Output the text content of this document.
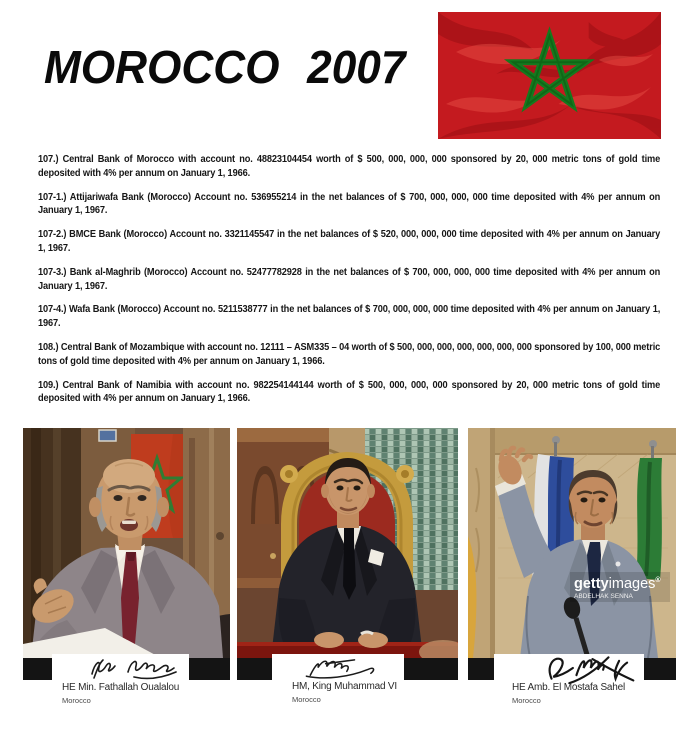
MOROCCO 2007

107.) Central Bank of Morocco with account no. 48823104454 worth of $ 500, 000, 000, 000 sponsored by 20, 000 metric tons of gold time deposited with 4% per annum on January 1, 1966.

107-1.) Attijariwafa Bank (Morocco) Account no. 536955214 in the net balances of $ 700, 000, 000, 000 time deposited with 4% per annum on January 1, 1967.

107-2.) BMCE Bank (Morocco) Account no. 3321145547 in the net balances of $ 520, 000, 000, 000 time deposited with 4% per annum on January 1, 1967.

107-3.) Bank al-Maghrib (Morocco) Account no. 52477782928 in the net balances of $ 700, 000, 000, 000 time deposited with 4% per annum on January 1, 1967.

107-4.) Wafa Bank (Morocco) Account no. 5211538777 in the net balances of $ 700, 000, 000, 000 time deposited with 4% per annum on January 1, 1967.

108.) Central Bank of Mozambique with account no. 12111 – ASM335 – 04 worth of $ 500, 000, 000, 000, 000, 000, 000 sponsored by 100, 000 metric tons of gold time deposited with 4% per annum on January 1, 1966.

109.) Central Bank of Namibia with account no. 982254144144 worth of $ 500, 000, 000, 000 sponsored by 20, 000 metric tons of gold time deposited with 4% per annum on January 1, 1966.

HE Min. Fathallah Oualalou
Morocco
HM, King Muhammad VI
Morocco
gettyimages®
ABDELHAK SENNA
HE Amb. El Mostafa Sahel
Morocco
